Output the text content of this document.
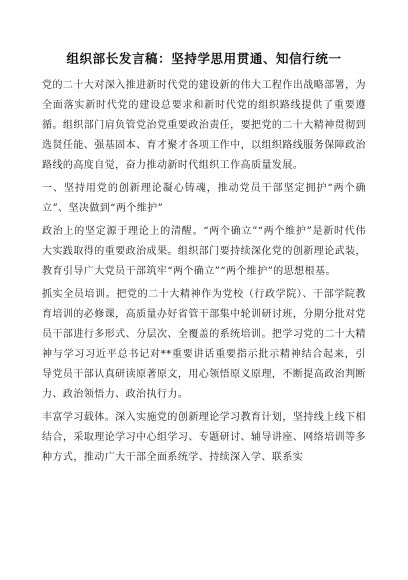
组织部长发言稿：坚持学思用贯通、知信行统一

党的二十大对深入推进新时代党的建设新的伟大工程作出战略部署，为全面落实新时代党的建设总要求和新时代党的组织路线提供了重要遵循。组织部门肩负管党治党重要政治责任，要把党的二十大精神贯彻到选贤任能、强基固本、育才聚才各项工作中，以组织路线服务保障政治路线的高度自觉，奋力推动新时代组织工作高质量发展。

一、坚持用党的创新理论凝心铸魂，推动党员干部坚定拥护“两个确立”、坚决做到“两个维护”

政治上的坚定源于理论上的清醒。“两个确立”“两个维护”是新时代伟大实践取得的重要政治成果。组织部门要持续深化党的创新理论武装，教育引导广大党员干部筑牢“两个确立”“两个维护”的思想根基。

抓实全员培训。把党的二十大精神作为党校（行政学院）、干部学院教育培训的必修课，高质量办好省管干部集中轮训研讨班，分期分批对党员干部进行多形式、分层次、全覆盖的系统培训。把学习党的二十大精神与学习习近平总书记对**重要讲话重要指示批示精神结合起来，引导党员干部认真研读原著原文，用心领悟原义原理，不断提高政治判断力、政治领悟力、政治执行力。

丰富学习载体。深入实施党的创新理论学习教育计划，坚持线上线下相结合，采取理论学习中心组学习、专题研讨、辅导讲座、网络培训等多种方式，推动广大干部全面系统学、持续深入学、联系实
